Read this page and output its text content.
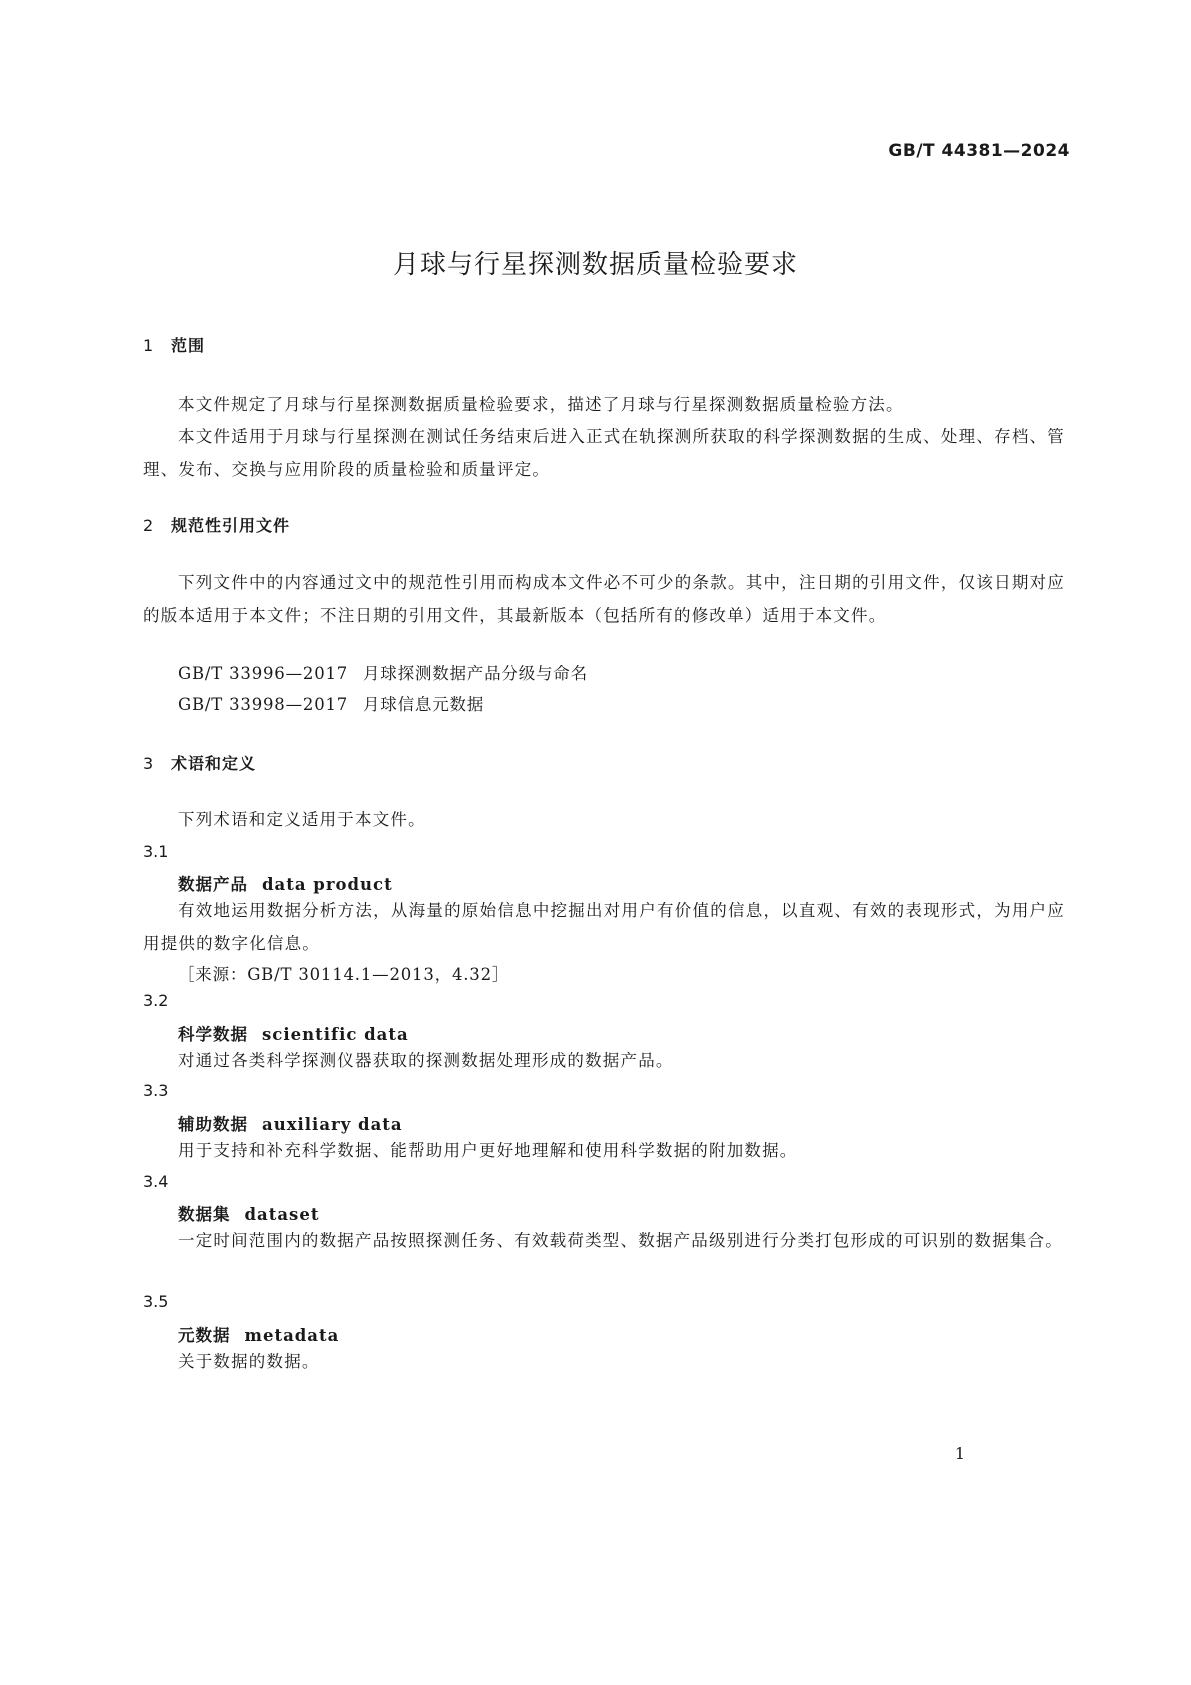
GB/T 44381—2024
月球与行星探测数据质量检验要求
1 范围
本文件规定了月球与行星探测数据质量检验要求，描述了月球与行星探测数据质量检验方法。
本文件适用于月球与行星探测在测试任务结束后进入正式在轨探测所获取的科学探测数据的生成、处理、存档、管理、发布、交换与应用阶段的质量检验和质量评定。
2 规范性引用文件
下列文件中的内容通过文中的规范性引用而构成本文件必不可少的条款。其中，注日期的引用文件，仅该日期对应的版本适用于本文件；不注日期的引用文件，其最新版本（包括所有的修改单）适用于本文件。
GB/T 33996—2017 月球探测数据产品分级与命名
GB/T 33998—2017 月球信息元数据
3 术语和定义
下列术语和定义适用于本文件。
3.1
数据产品 data product
有效地运用数据分析方法，从海量的原始信息中挖掘出对用户有价值的信息，以直观、有效的表现形式，为用户应用提供的数字化信息。
［来源：GB/T 30114.1—2013，4.32］
3.2
科学数据 scientific data
对通过各类科学探测仪器获取的探测数据处理形成的数据产品。
3.3
辅助数据 auxiliary data
用于支持和补充科学数据、能帮助用户更好地理解和使用科学数据的附加数据。
3.4
数据集 dataset
一定时间范围内的数据产品按照探测任务、有效载荷类型、数据产品级别进行分类打包形成的可识别的数据集合。
3.5
元数据 metadata
关于数据的数据。
1
